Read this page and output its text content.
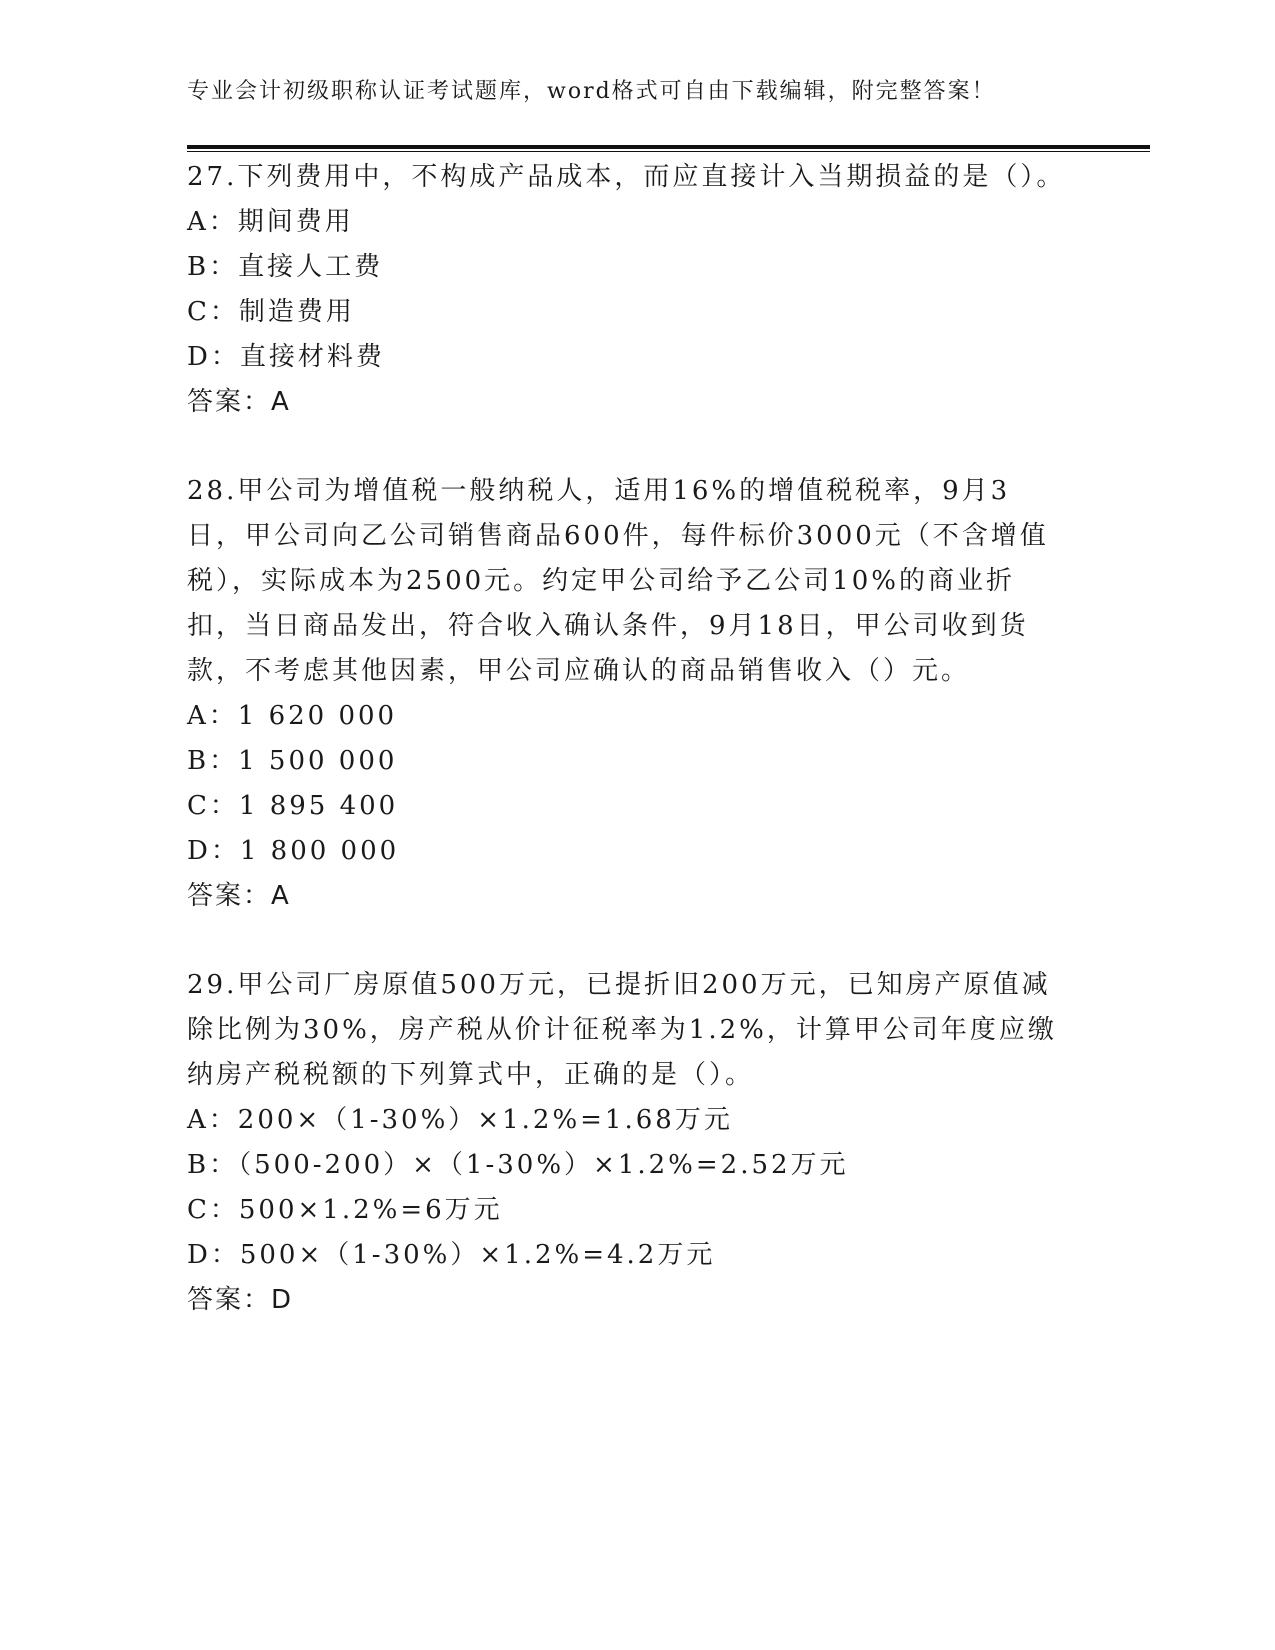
专业会计初级职称认证考试题库，word格式可自由下载编辑，附完整答案！
27.下列费用中，不构成产品成本，而应直接计入当期损益的是（）。
A：期间费用
B：直接人工费
C：制造费用
D：直接材料费
答案：A
28.甲公司为增值税一般纳税人，适用16%的增值税税率，9月3日，甲公司向乙公司销售商品600件，每件标价3000元（不含增值税），实际成本为2500元。约定甲公司给予乙公司10%的商业折扣，当日商品发出，符合收入确认条件，9月18日，甲公司收到货款，不考虑其他因素，甲公司应确认的商品销售收入（）元。
A：1 620 000
B：1 500 000
C：1 895 400
D：1 800 000
答案：A
29.甲公司厂房原值500万元，已提折旧200万元，已知房产原值减除比例为30%，房产税从价计征税率为1.2%，计算甲公司年度应缴纳房产税税额的下列算式中，正确的是（）。
A：200×（1-30%）×1.2%=1.68万元
B：（500-200）×（1-30%）×1.2%=2.52万元
C：500×1.2%=6万元
D：500×（1-30%）×1.2%=4.2万元
答案：D
